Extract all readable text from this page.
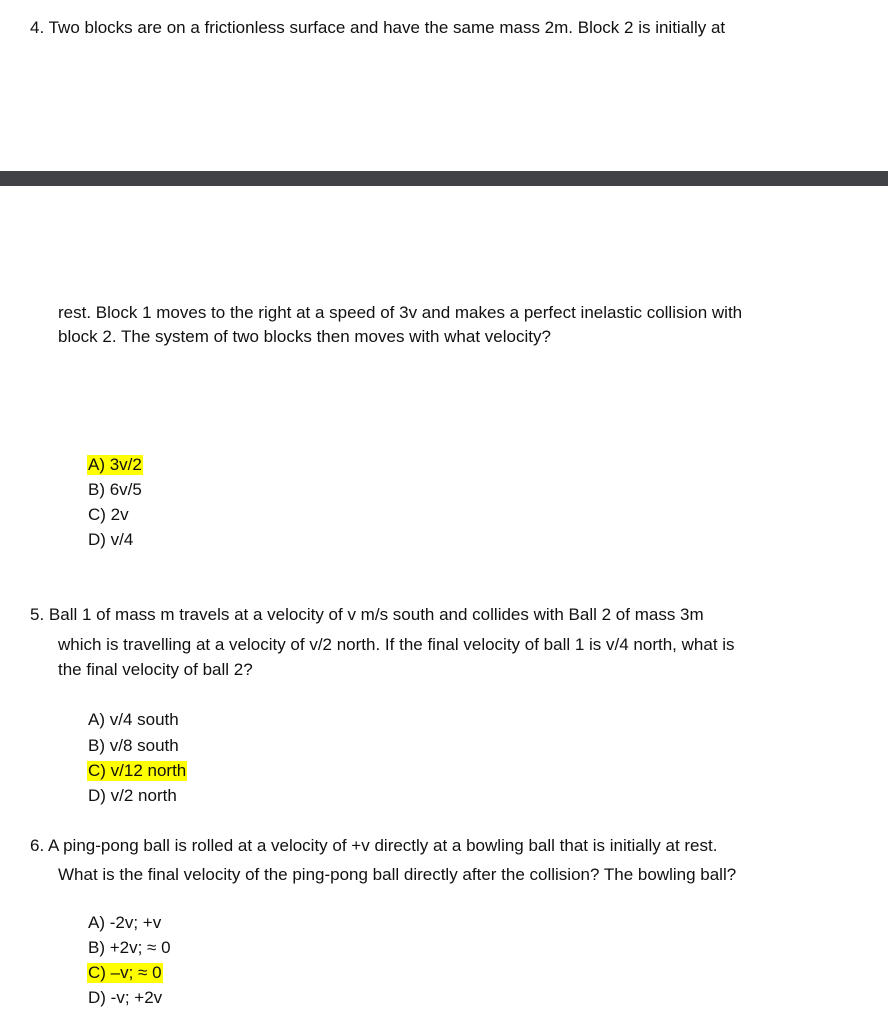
4. Two blocks are on a frictionless surface and have the same mass 2m. Block 2 is initially at
rest. Block 1 moves to the right at a speed of 3v and makes a perfect inelastic collision with
block 2. The system of two blocks then moves with what velocity?
A) 3v/2
B) 6v/5
C) 2v
D) v/4
5. Ball 1 of mass m travels at a velocity of v m/s south and collides with Ball 2 of mass 3m
which is travelling at a velocity of v/2 north. If the final velocity of ball 1 is v/4 north, what is
the final velocity of ball 2?
A) v/4 south
B) v/8 south
C) v/12 north
D) v/2 north
6. A ping-pong ball is rolled at a velocity of +v directly at a bowling ball that is initially at rest.
What is the final velocity of the ping-pong ball directly after the collision? The bowling ball?
A) -2v; +v
B) +2v; ≈ 0
C) –v; ≈ 0
D) -v; +2v
